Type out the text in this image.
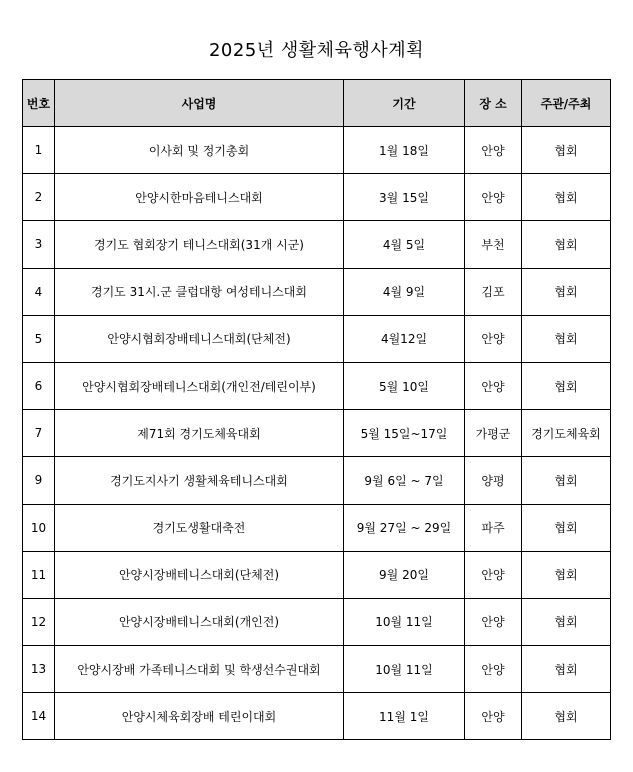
2025년 생활체육행사계획
번호	사업명	기간	장 소	주관/주최
1	이사회 및 정기총회	1월 18일	안양	협회
2	안양시한마음테니스대회	3월 15일	안양	협회
3	경기도 협회장기 테니스대회(31개 시군)	4월 5일	부천	협회
4	경기도 31시.군 클럽대항 여성테니스대회	4월 9일	김포	협회
5	안양시협회장배테니스대회(단체전)	4월12일	안양	협회
6	안양시협회장배테니스대회(개인전/테린이부)	5월 10일	안양	협회
7	제71회 경기도체육대회	5월 15일~17일	가평군	경기도체육회
9	경기도지사기 생활체육테니스대회	9월 6일 ~ 7일	양평	협회
10	경기도생활대축전	9월 27일 ~ 29일	파주	협회
11	안양시장배테니스대회(단체전)	9월 20일	안양	협회
12	안양시장배테니스대회(개인전)	10월 11일	안양	협회
13	안양시장배 가족테니스대회 및 학생선수권대회	10월 11일	안양	협회
14	안양시체육회장배 테린이대회	11월 1일	안양	협회
